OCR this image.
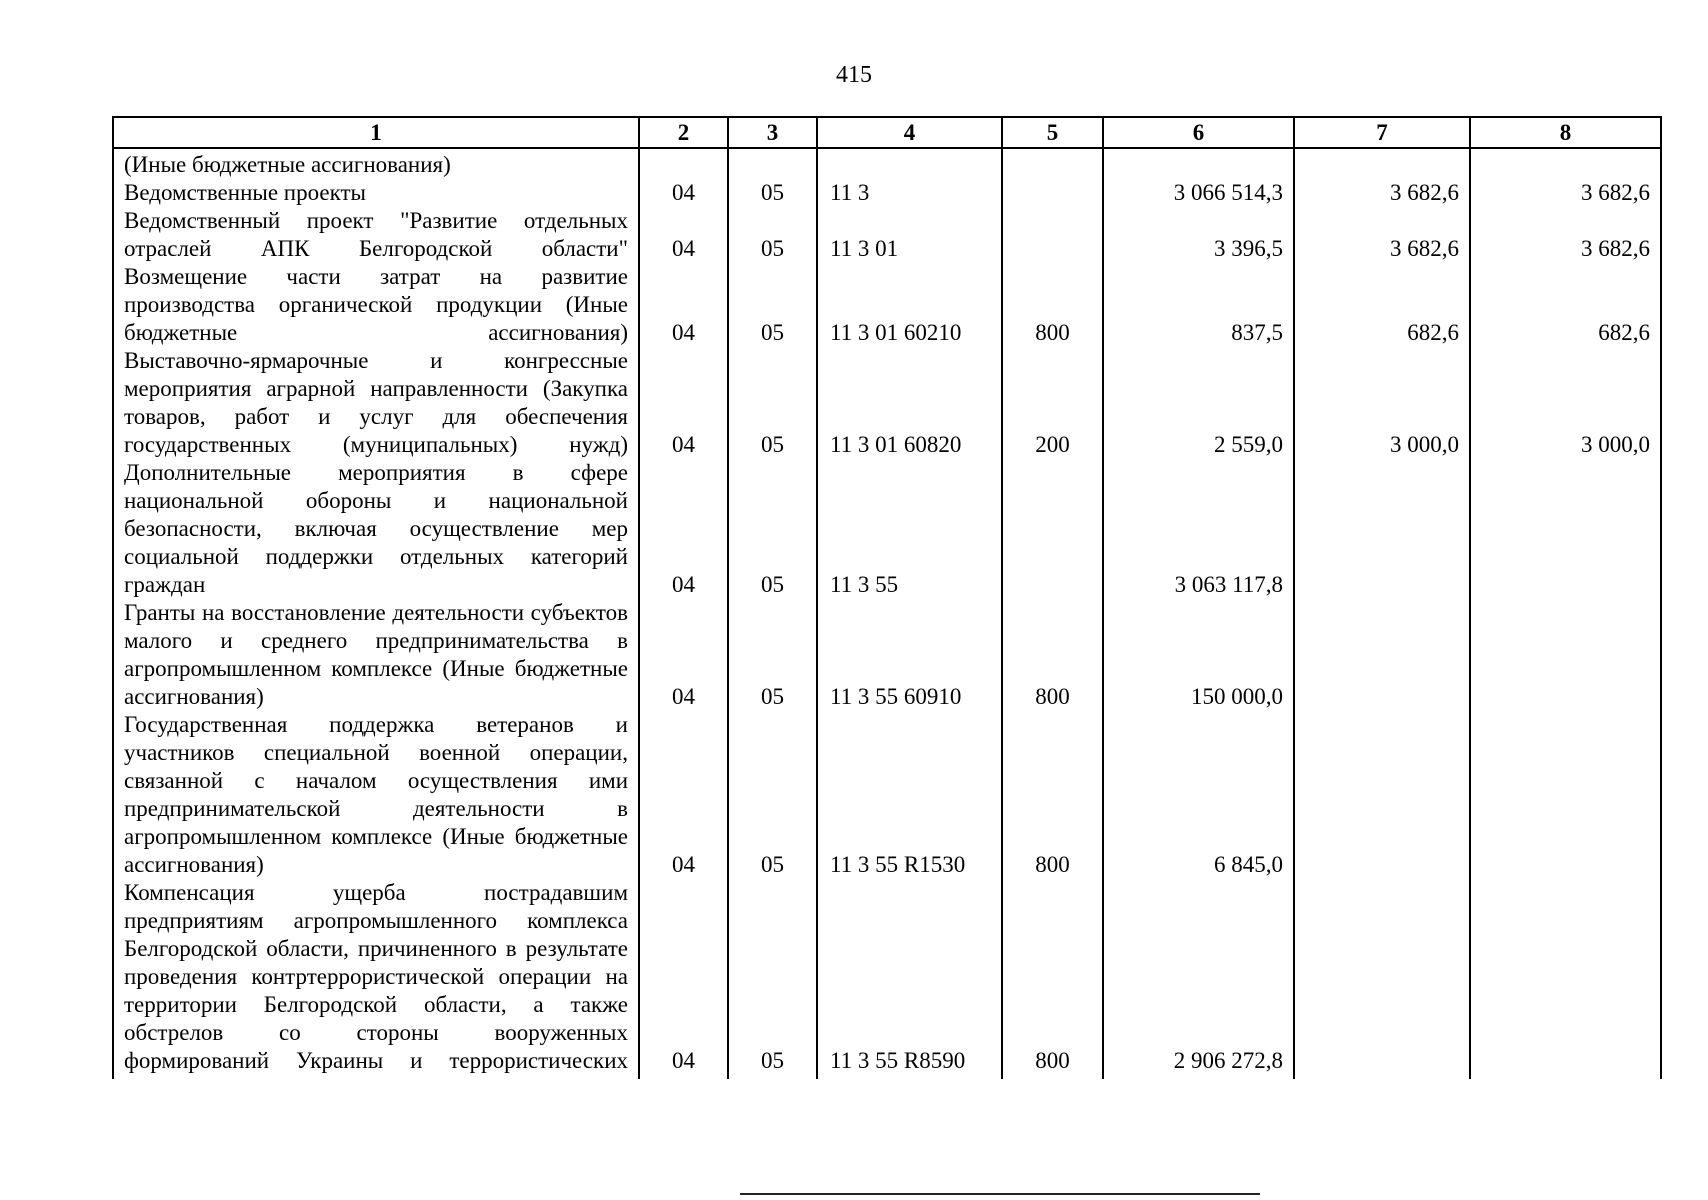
415
1	2	3	4	5	6	7	8
(Иные бюджетные ассигнования)							
Ведомственные проекты	04	05	11 3		3 066 514,3	3 682,6	3 682,6
Ведомственный проект "Развитие отдельных отраслей АПК Белгородской области"	04	05	11 3 01		3 396,5	3 682,6	3 682,6
Возмещение части затрат на развитие производства органической продукции (Иные бюджетные ассигнования)	04	05	11 3 01 60210	800	837,5	682,6	682,6
Выставочно-ярмарочные и конгрессные мероприятия аграрной направленности (Закупка товаров, работ и услуг для обеспечения государственных (муниципальных) нужд)	04	05	11 3 01 60820	200	2 559,0	3 000,0	3 000,0
Дополнительные мероприятия в сфере национальной обороны и национальной безопасности, включая осуществление мер социальной поддержки отдельных категорий граждан	04	05	11 3 55		3 063 117,8		
Гранты на восстановление деятельности субъектов малого и среднего предпринимательства в агропромышленном комплексе (Иные бюджетные ассигнования)	04	05	11 3 55 60910	800	150 000,0		
Государственная поддержка ветеранов и участников специальной военной операции, связанной с началом осуществления ими предпринимательской деятельности в агропромышленном комплексе (Иные бюджетные ассигнования)	04	05	11 3 55 R1530	800	6 845,0		
Компенсация ущерба пострадавшим предприятиям агропромышленного комплекса Белгородской области, причиненного в результате проведения контртеррористической операции на территории Белгородской области, а также обстрелов со стороны вооруженных формирований Украины и террористических	04	05	11 3 55 R8590	800	2 906 272,8		
